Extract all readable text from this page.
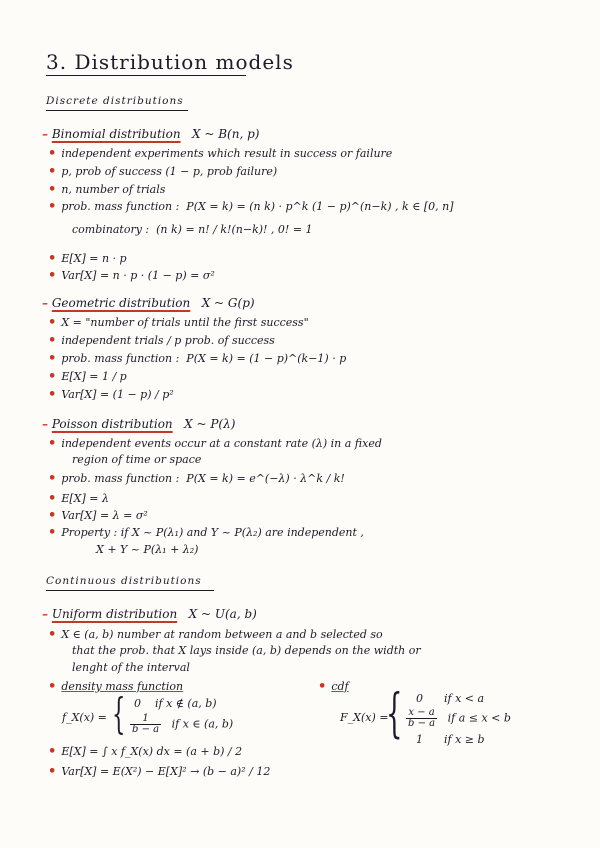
3. Distribution models
Discrete distributions
– Binomial distribution X ~ B(n, p)
• independent experiments which result in success or failure
• p, prob of success (1 − p, prob failure)
• n, number of trials
• prob. mass function : P(X = k) = (n k) · p^k (1 − p)^(n−k) , k ∈ [0, n]
combinatory : (n k) = n! / k!(n−k)! , 0! = 1
• E[X] = n · p
• Var[X] = n · p · (1 − p) = σ²
– Geometric distribution X ~ G(p)
• X = "number of trials until the first success"
• independent trials / p prob. of success
• prob. mass function : P(X = k) = (1 − p)^(k−1) · p
• E[X] = 1 / p
• Var[X] = (1 − p) / p²
– Poisson distribution X ~ P(λ)
• independent events occur at a constant rate (λ) in a fixed
region of time or space
• prob. mass function : P(X = k) = e^(−λ) · λ^k / k!
• E[X] = λ
• Var[X] = λ = σ²
• Property : if X ~ P(λ₁) and Y ~ P(λ₂) are independent ,
X + Y ~ P(λ₁ + λ₂)
Continuous distributions
– Uniform distribution X ~ U(a, b)
• X ∈ (a, b) number at random between a and b selected so
that the prob. that X lays inside (a, b) depends on the width or
lenght of the interval
• density mass function	• cdf
f_X(x) = { 0 if x ∉ (a, b)
$\frac{1}{b - a}$ if x ∈ (a, b)	F_X(x) =
{ 0 if x < a
$\frac{x - a}{b - a}$ if a ≤ x < b
1 if x ≥ b
• E[X] = ∫ x f_X(x) dx = (a + b) / 2
• Var[X] = E(X²) − E[X]² → (b − a)² / 12
